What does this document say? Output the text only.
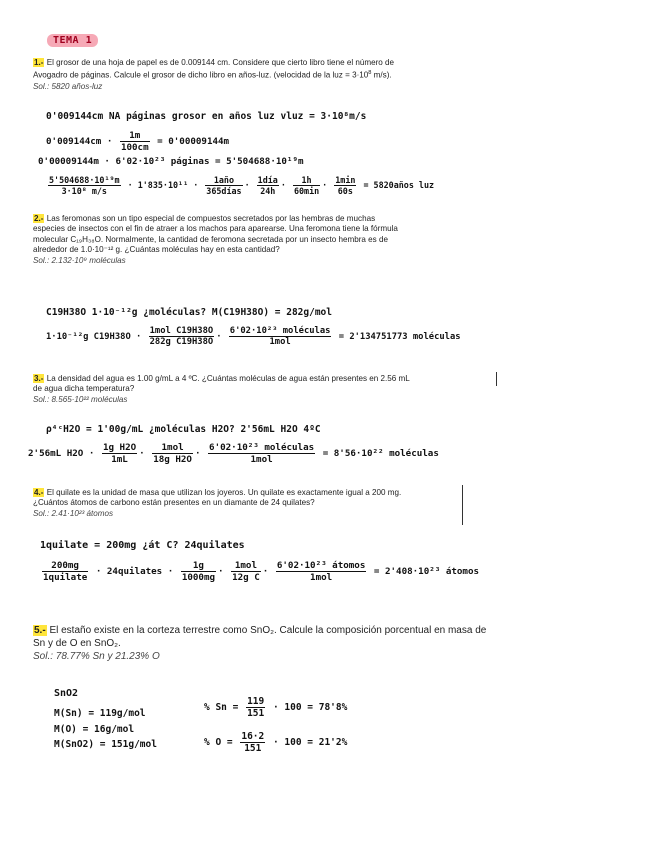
TEMA 1
1.- El grosor de una hoja de papel es de 0.009144 cm. Considere que cierto libro tiene el número de
Avogadro de páginas. Calcule el grosor de dicho libro en años-luz. (velocidad de la luz = $3\cdot 10^8$ m/s).
Sol.: 5820 años-luz
0'009144cm NA páginas grosor en años luz vluz = 3·10⁸m/s
$0'009144cm \cdot \frac{1m}{100cm} = 0'00009144m$
0'00009144m · 6'02·10²³ páginas = 5'504688·10¹⁹m
$\frac{\text{5'504688·10¹⁹m}}{\text{3·10⁸ m/s}} \cdot 1'835\cdot 10^{11} \cdot \frac{\text{1año}}{\text{365días}} \cdot \frac{\text{1día}}{24h} \cdot \frac{1h}{60\min} \cdot \frac{1\min}{60s}$ = 5820años luz
2.- Las feromonas son un tipo especial de compuestos secretados por las hembras de muchas
especies de insectos con el fin de atraer a los machos para aparearse. Una feromona tiene la fórmula
molecular C₁₉H₃₈O. Normalmente, la cantidad de feromona secretada por un insecto hembra es de
alrededor de 1.0·10⁻¹² g. ¿Cuántas moléculas hay en esta cantidad?
Sol.: 2.132·10⁹ moléculas
C19H38O 1·10⁻¹²g ¿moléculas? M(C19H38O) = 282g/mol
1·10⁻¹²g $C19H38O \cdot \frac{\text{1mol C19H38O}}{\text{282g C19H38O}} \cdot \frac{\text{6'02·10²³ moléculas}}{\text{1mol}} = 2'134751773$ moléculas
3.- La densidad del agua es 1.00 g/mL a 4 ºC. ¿Cuántas moléculas de agua están presentes en 2.56 mL
de agua dicha temperatura?
Sol.: 8.565·10²² moléculas
ρ⁴ᶜH2O = 1'00g/mL ¿moléculas H2O? 2'56mL H2O 4ºC
2'56mL $H2O \cdot \frac{\text{1g H2O}}{1mL} \cdot \frac{\text{1mol}}{\text{18g H2O}} \cdot \frac{\text{6'02·10²³ moléculas}}{\text{1mol}} = 8'56\cdot 10^{22}$ moléculas
4.- El quilate es la unidad de masa que utilizan los joyeros. Un quilate es exactamente igual a 200 mg.
¿Cuántos átomos de carbono están presentes en un diamante de 24 quilates?
Sol.: 2.41·10²³ átomos
1quilate = 200mg ¿át C? 24quilates
$\frac{200mg}{\text{1quilate}}$ · 24quilates · $\frac{1g}{1000mg} \cdot \frac{\text{1mol}}{\text{12g C}} \cdot \frac{\text{6'02·10²³ átomos}}{\text{1mol}} = 2'408\cdot 10^{23}$ átomos
5.- El estaño existe en la corteza terrestre como SnO₂. Calcule la composición porcentual en masa de
Sn y de O en SnO₂.
Sol.: 78.77% Sn y 21.23% O
SnO2
M(Sn) = 119g/mol
M(O) = 16g/mol
M(SnO2) = 151g/mol
% $Sn = \frac{119}{151} \cdot 100 = 78'8\%$
% $O = \frac{16\cdot 2}{151} \cdot 100 = 21'2\%$
